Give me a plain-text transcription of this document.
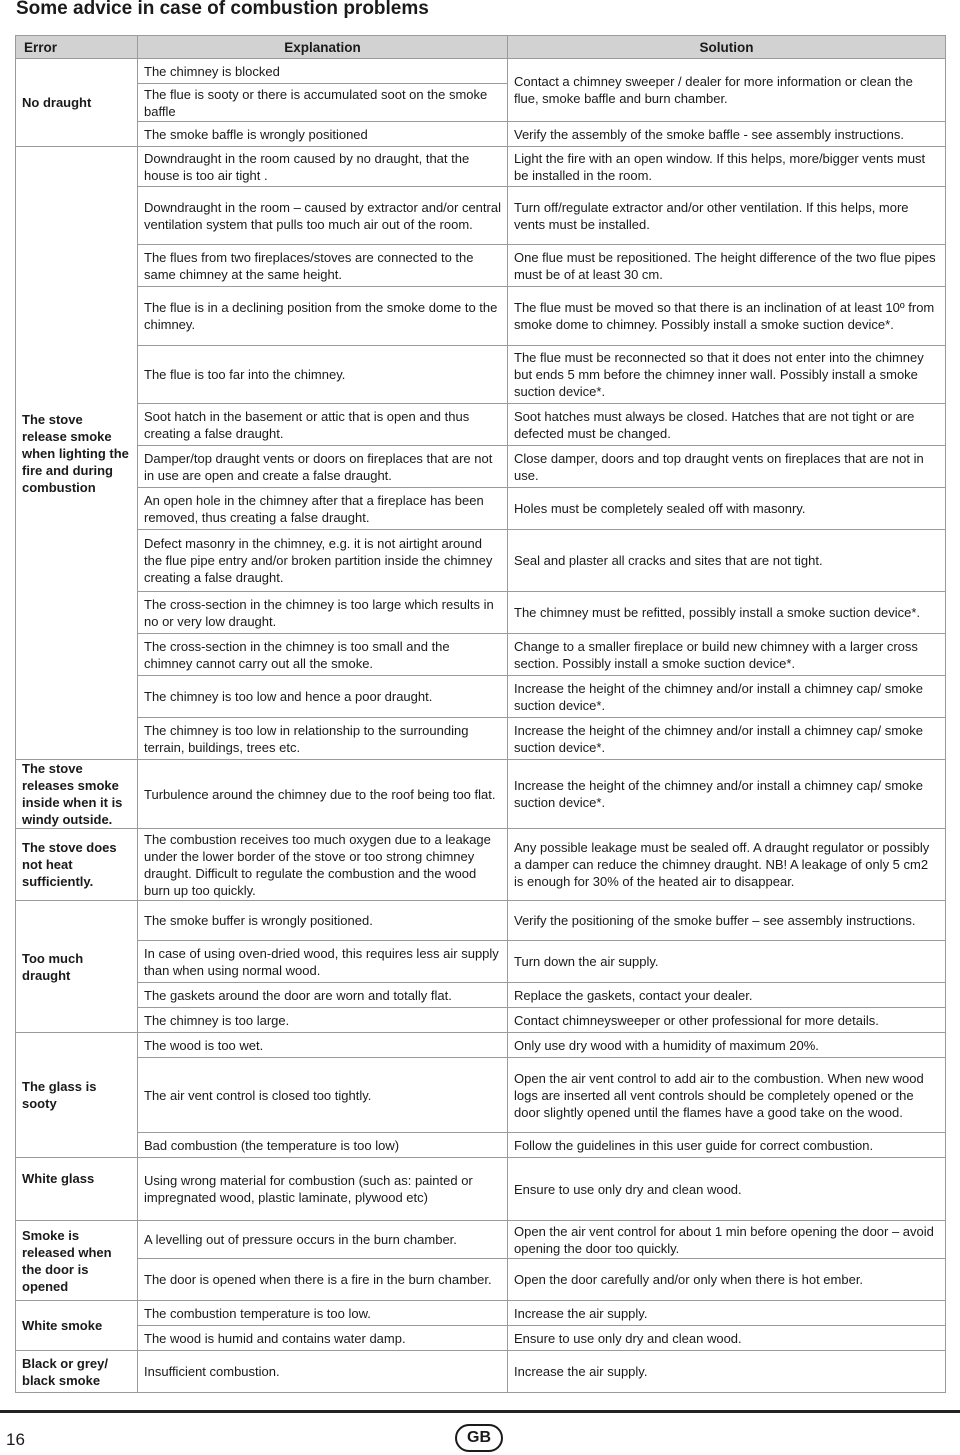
Some advice in case of combustion problems
Error	Explanation	Solution
No draught	The chimney is blocked	Contact a chimney sweeper / dealer for more information or clean the flue, smoke baffle and burn chamber.
	The flue is sooty or there is accumulated soot on the smoke baffle	
	The smoke baffle is wrongly positioned	Verify the assembly of the smoke baffle - see assembly instructions.
The stove release smoke when lighting the fire and during combustion	Downdraught in the room caused by no draught, that the house is too air tight .	Light the fire with an open window. If this helps, more/bigger vents must be installed in the room.
	Downdraught in the room – caused by extractor and/or central ventilation system that pulls too much air out of the room.	Turn off/regulate extractor and/or other ventilation. If this helps, more vents must be installed.
	The flues from two fireplaces/stoves are connected to the same chimney at the same height.	One flue must be repositioned. The height difference of the two flue pipes must be of at least 30 cm.
	The flue is in a declining position from the smoke dome to the chimney.	The flue must be moved so that there is an inclination of at least 10º from smoke dome to chimney. Possibly install a smoke suction device*.
	The flue is too far into the chimney.	The flue must be reconnected so that it does not enter into the chimney but ends 5 mm before the chimney inner wall. Possibly install a smoke suction device*.
	Soot hatch in the basement or attic that is open and thus creating a false draught.	Soot hatches must always be closed. Hatches that are not tight or are defected must be changed.
	Damper/top draught vents or doors on fireplaces that are not in use are open and create a false draught.	Close damper, doors and top draught vents on fireplaces that are not in use.
	An open hole in the chimney after that a fireplace has been removed, thus creating a false draught.	Holes must be completely sealed off with masonry.
	Defect masonry in the chimney, e.g. it is not airtight around the flue pipe entry and/or broken partition inside the chimney creating a false draught.	Seal and plaster all cracks and sites that are not tight.
	The cross-section in the chimney is too large which results in no or very low draught.	The chimney must be refitted, possibly install a smoke suction device*.
	The cross-section in the chimney is too small and the chimney cannot carry out all the smoke.	Change to a smaller fireplace or build new chimney with a larger cross section. Possibly install a smoke suction device*.
	The chimney is too low and hence a poor draught.	Increase the height of the chimney and/or install a chimney cap/ smoke suction device*.
	The chimney is too low in relationship to the surrounding terrain, buildings, trees etc.	Increase the height of the chimney and/or install a chimney cap/ smoke suction device*.
The stove releases smoke inside when it is windy outside.	Turbulence around the chimney due to the roof being too flat.	Increase the height of the chimney and/or install a chimney cap/ smoke suction device*.
The stove does not heat sufficiently.	The combustion receives too much oxygen due to a leakage under the lower border of the stove or too strong chimney draught. Difficult to regulate the combustion and the wood burn up too quickly.	Any possible leakage must be sealed off. A draught regulator or possibly a damper can reduce the chimney draught. NB! A leakage of only 5 cm2 is enough for 30% of the heated air to disappear.
Too much draught	The smoke buffer is wrongly positioned.	Verify the positioning of the smoke buffer – see assembly instructions.
	In case of using oven-dried wood, this requires less air supply than when using normal wood.	Turn down the air supply.
	The gaskets around the door are worn and totally flat.	Replace the gaskets, contact your dealer.
	The chimney is too large.	Contact chimneysweeper or other professional for more details.
The glass is sooty	The wood is too wet.	Only use dry wood with a humidity of maximum 20%.
	The air vent control is closed too tightly.	Open the air vent control to add air to the combustion. When new wood logs are inserted all vent controls should be completely opened or the door slightly opened until the flames have a good take on the wood.
	Bad combustion (the temperature is too low)	Follow the guidelines in this user guide for correct combustion.
White glass	Using wrong material for combustion (such as: painted or impregnated wood, plastic laminate, plywood etc)	Ensure to use only dry and clean wood.
Smoke is released when the door is opened	A levelling out of pressure occurs in the burn chamber.	Open the air vent control for about 1 min before opening the door – avoid opening the door too quickly.
	The door is opened when there is a fire in the burn chamber.	Open the door carefully and/or only when there is hot ember.
White smoke	The combustion temperature is too low.	Increase the air supply.
	The wood is humid and contains water damp.	Ensure to use only dry and clean wood.
Black or grey/ black smoke	Insufficient combustion.	Increase the air supply.
16	GB
